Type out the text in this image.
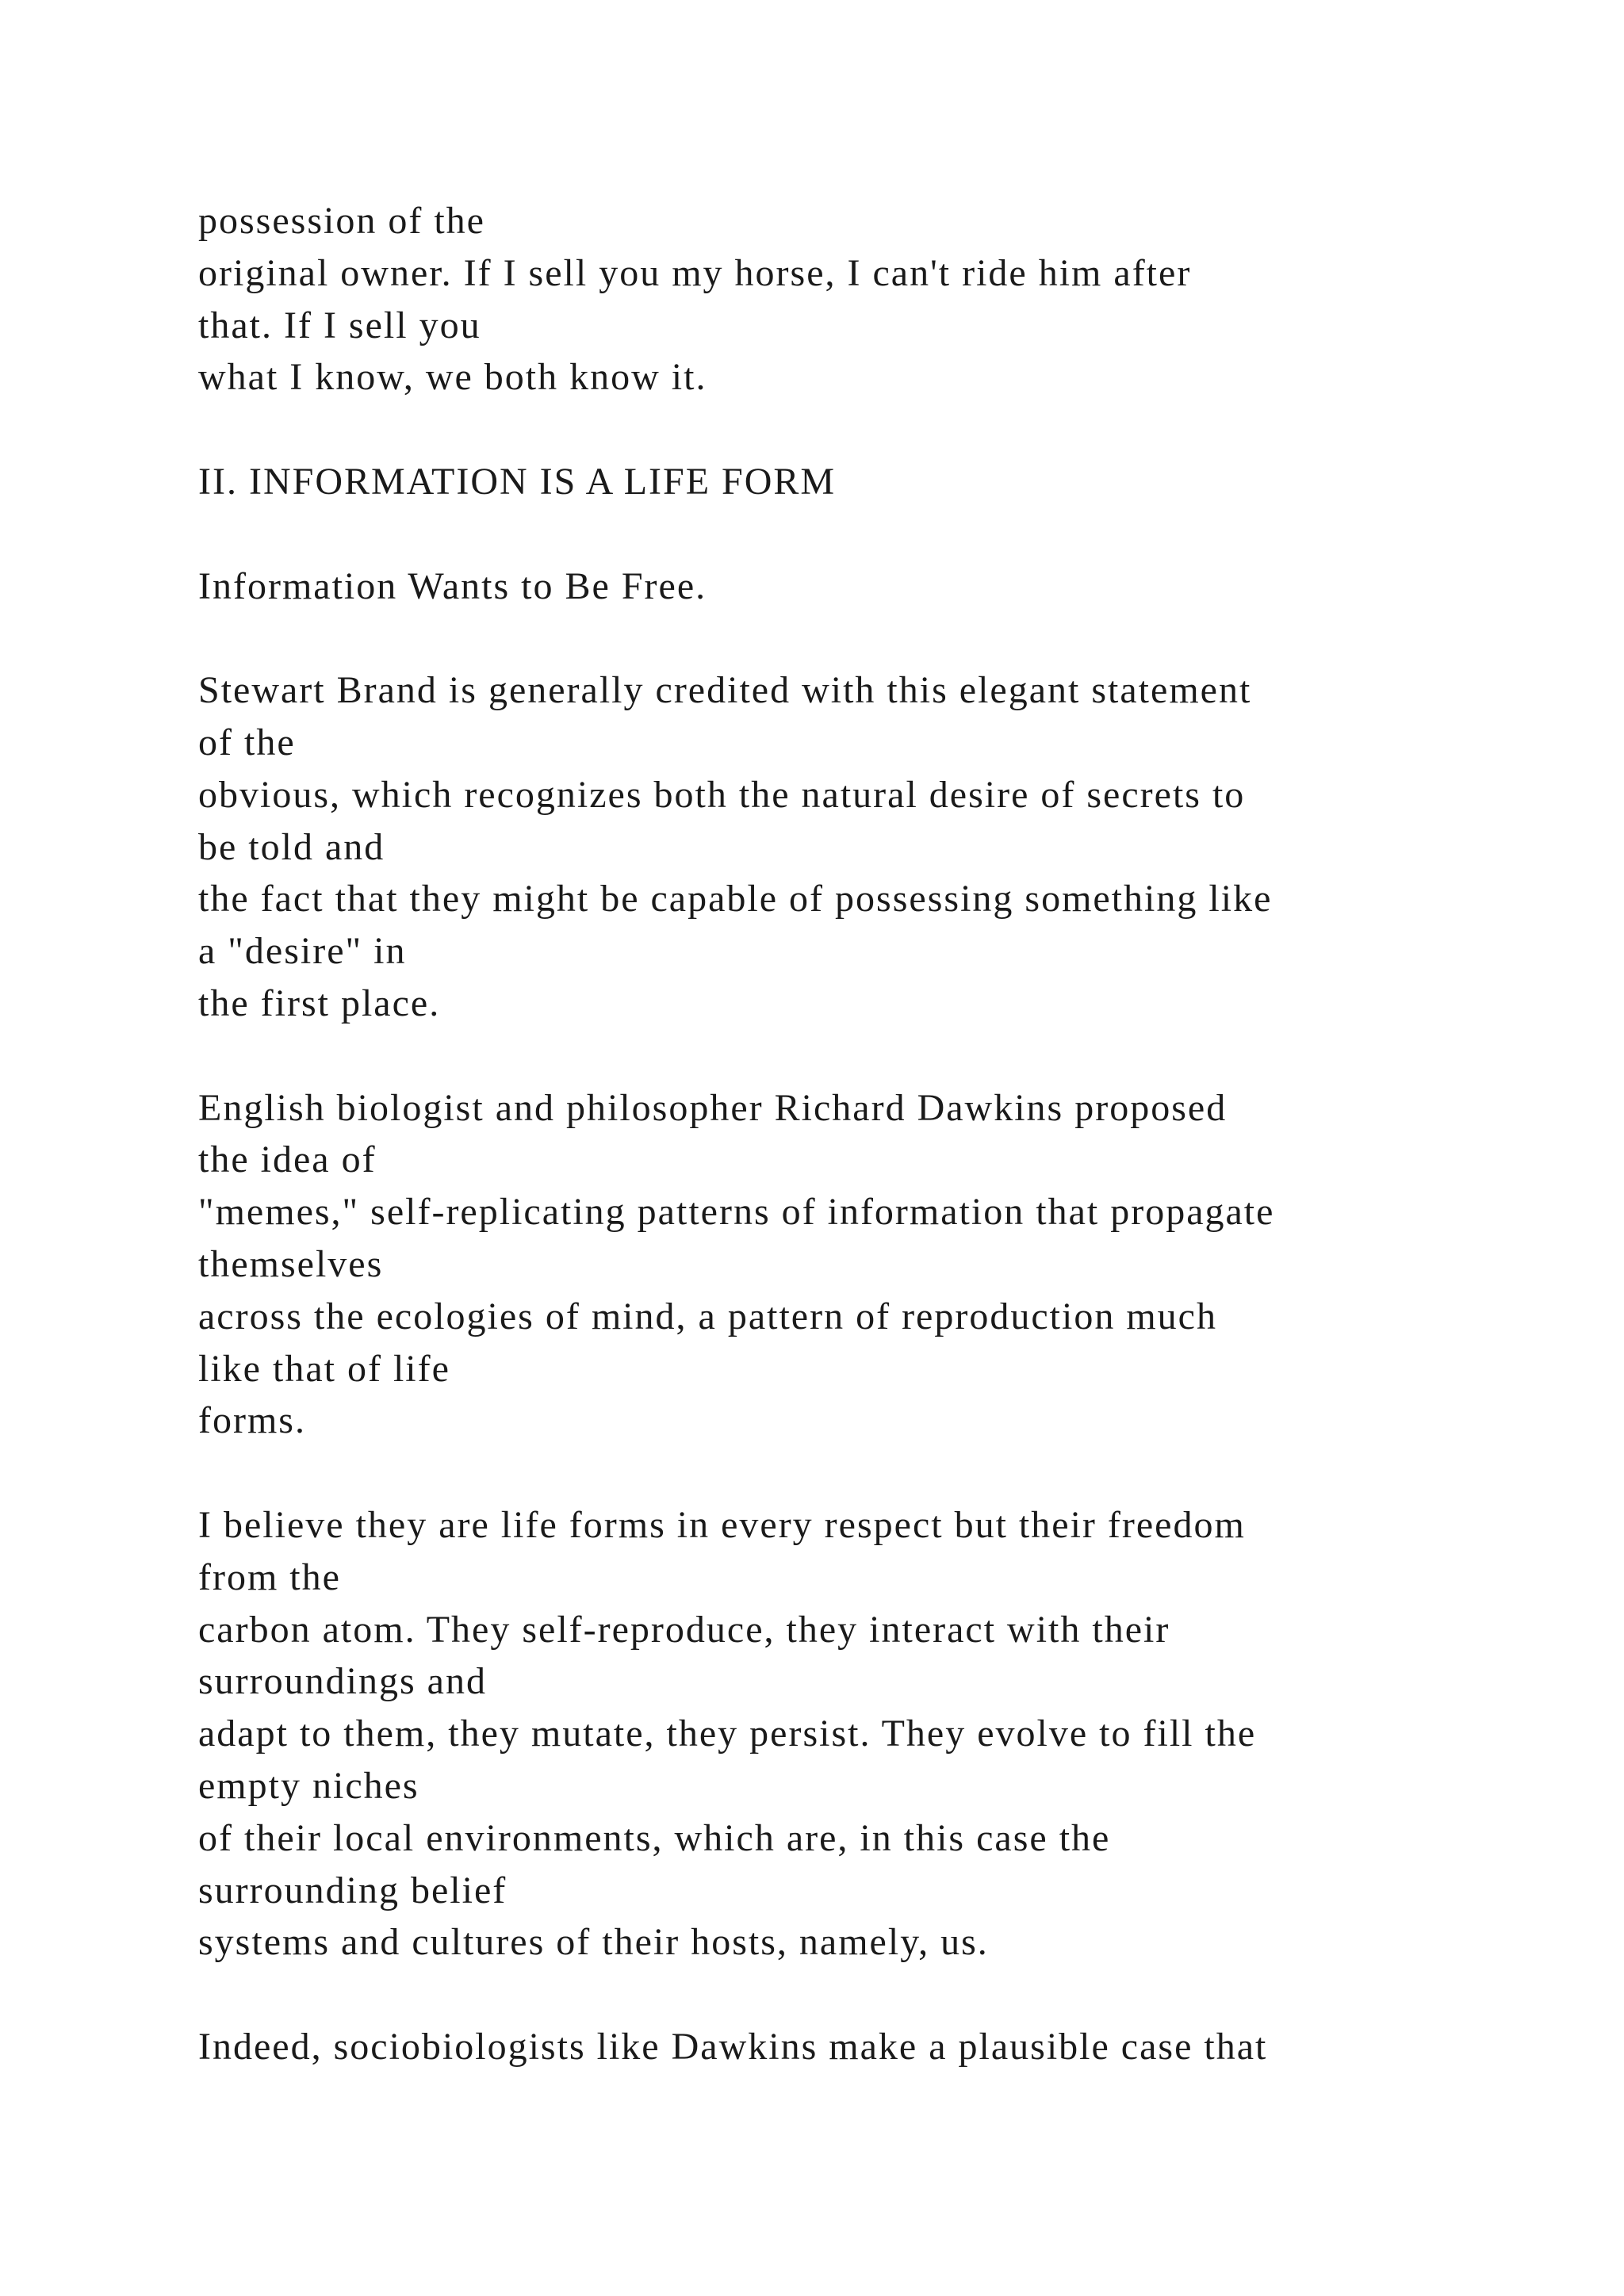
possession of the
original owner. If I sell you my horse, I can't ride him after
that. If I sell you
what I know, we both know it.
II. INFORMATION IS A LIFE FORM
Information Wants to Be Free.
Stewart Brand is generally credited with this elegant statement
of the
obvious, which recognizes both the natural desire of secrets to
be told and
the fact that they might be capable of possessing something like
a "desire" in
the first place.
English biologist and philosopher Richard Dawkins proposed
the idea of
"memes," self-replicating patterns of information that propagate
themselves
across the ecologies of mind, a pattern of reproduction much
like that of life
forms.
I believe they are life forms in every respect but their freedom
from the
carbon atom. They self-reproduce, they interact with their
surroundings and
adapt to them, they mutate, they persist. They evolve to fill the
empty niches
of their local environments, which are, in this case the
surrounding belief
systems and cultures of their hosts, namely, us.
Indeed, sociobiologists like Dawkins make a plausible case that
